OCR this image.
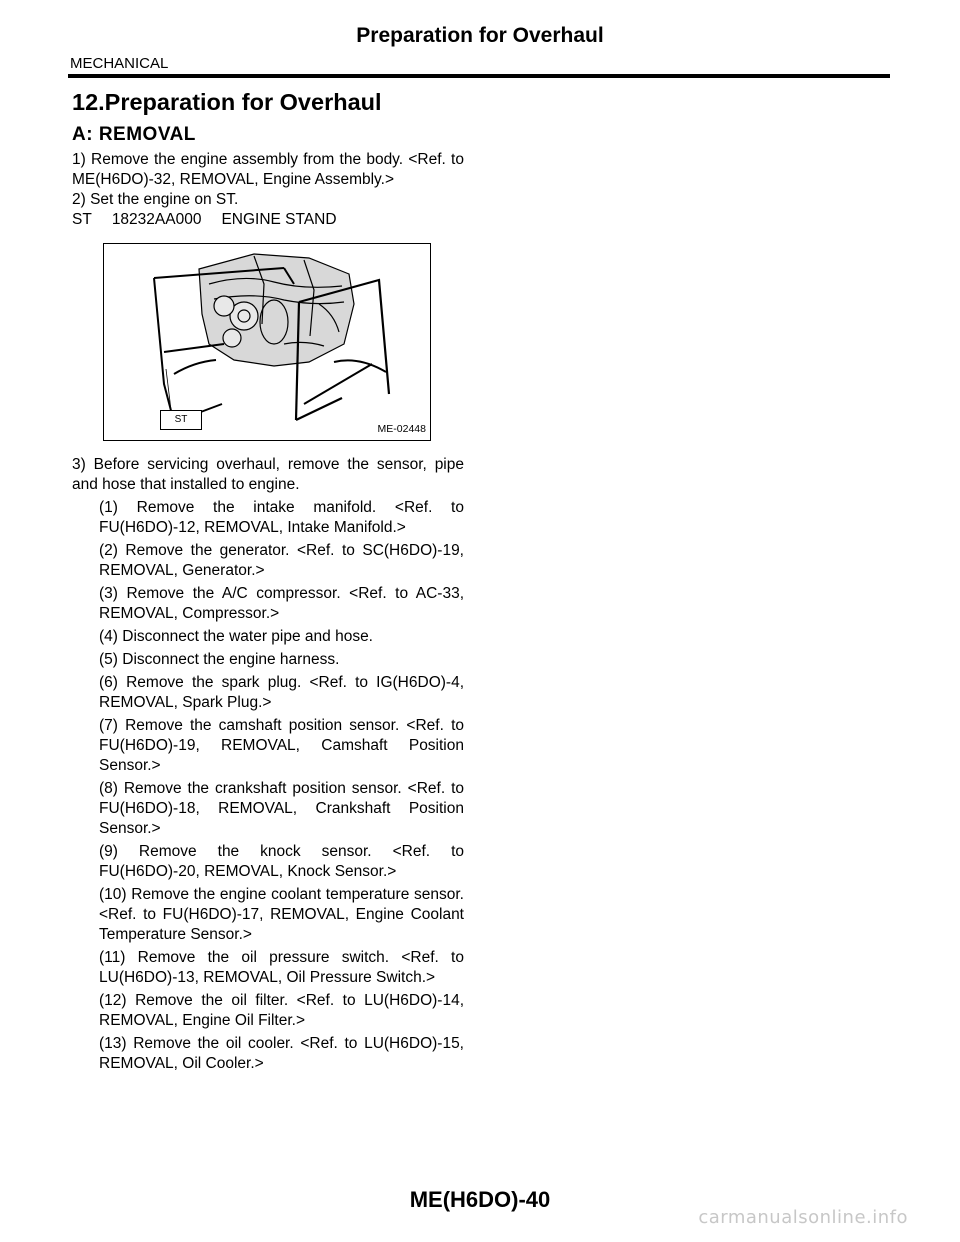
Preparation for Overhaul
MECHANICAL
12.Preparation for Overhaul
A: REMOVAL

1) Remove the engine assembly from the body. <Ref. to ME(H6DO)-32, REMOVAL, Engine Assembly.>

2) Set the engine on ST.

ST 18232AA000 ENGINE STAND
ST
ME-02448

3) Before servicing overhaul, remove the sensor, pipe and hose that installed to engine.

(1) Remove the intake manifold. <Ref. to FU(H6DO)-12, REMOVAL, Intake Manifold.>

(2) Remove the generator. <Ref. to SC(H6DO)-19, REMOVAL, Generator.>

(3) Remove the A/C compressor. <Ref. to AC-33, REMOVAL, Compressor.>

(4) Disconnect the water pipe and hose.

(5) Disconnect the engine harness.

(6) Remove the spark plug. <Ref. to IG(H6DO)-4, REMOVAL, Spark Plug.>

(7) Remove the camshaft position sensor. <Ref. to FU(H6DO)-19, REMOVAL, Camshaft Position Sensor.>

(8) Remove the crankshaft position sensor. <Ref. to FU(H6DO)-18, REMOVAL, Crankshaft Position Sensor.>

(9) Remove the knock sensor. <Ref. to FU(H6DO)-20, REMOVAL, Knock Sensor.>

(10) Remove the engine coolant temperature sensor. <Ref. to FU(H6DO)-17, REMOVAL, Engine Coolant Temperature Sensor.>

(11) Remove the oil pressure switch. <Ref. to LU(H6DO)-13, REMOVAL, Oil Pressure Switch.>

(12) Remove the oil filter. <Ref. to LU(H6DO)-14, REMOVAL, Engine Oil Filter.>

(13) Remove the oil cooler. <Ref. to LU(H6DO)-15, REMOVAL, Oil Cooler.>

ME(H6DO)-40
carmanualsonline.info
